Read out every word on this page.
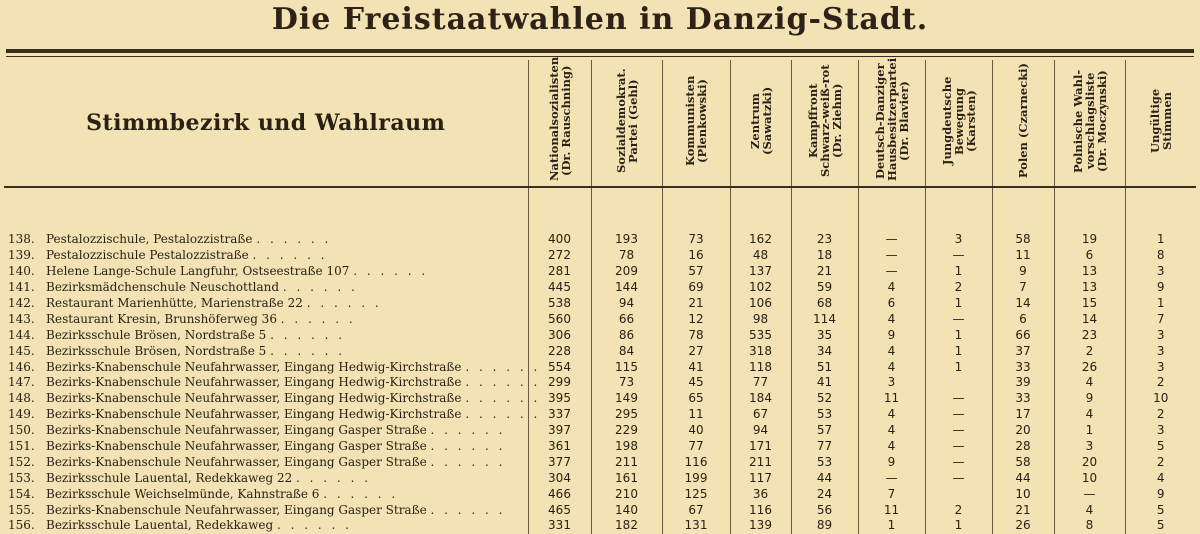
Die Freistaatwahlen in Danzig-Stadt.
Stimmbezirk und Wahlraum		Nationalsozialisten (Dr. Rauschning)	Sozialdemokrat. Partei (Gehl)	Kommunisten (Plenkowski)	Zentrum (Sawatzki)	Kampffront Schwarz-weiß-rot (Dr. Ziehm)	Deutsch-Danziger Hausbesitzerpartei (Dr. Blavier)	Jungdeutsche Bewegung (Karsten)	Polen (Czarnecki)	Polnische Wahl-vorschlagsliste (Dr. Moczynski)	Ungültige Stimmen

138.	Pestalozzischule, Pestalozzistraße . . . . . .	400	193	73	162	23	—	3	58	19	1
139.	Pestalozzischule Pestalozzistraße . . . . . .	272	78	16	48	18	—	—	11	6	8
140.	Helene Lange-Schule Langfuhr, Ostseestraße 107 . . . . . .	281	209	57	137	21	—	1	9	13	3
141.	Bezirksmädchenschule Neuschottland . . . . . .	445	144	69	102	59	4	2	7	13	9
142.	Restaurant Marienhütte, Marienstraße 22 . . . . . .	538	94	21	106	68	6	1	14	15	1
143.	Restaurant Kresin, Brunshöferweg 36 . . . . . .	560	66	12	98	114	4	—	6	14	7
144.	Bezirksschule Brösen, Nordstraße 5 . . . . . .	306	86	78	535	35	9	1	66	23	3
145.	Bezirksschule Brösen, Nordstraße 5 . . . . . .	228	84	27	318	34	4	1	37	2	3
146.	Bezirks-Knabenschule Neufahrwasser, Eingang Hedwig-Kirchstraße . . . . . .	554	115	41	118	51	4	1	33	26	3
147.	Bezirks-Knabenschule Neufahrwasser, Eingang Hedwig-Kirchstraße . . . . . .	299	73	45	77	41	3		39	4	2
148.	Bezirks-Knabenschule Neufahrwasser, Eingang Hedwig-Kirchstraße . . . . . .	395	149	65	184	52	11	—	33	9	10
149.	Bezirks-Knabenschule Neufahrwasser, Eingang Hedwig-Kirchstraße . . . . . .	337	295	11	67	53	4	—	17	4	2
150.	Bezirks-Knabenschule Neufahrwasser, Eingang Gasper Straße . . . . . .	397	229	40	94	57	4	—	20	1	3
151.	Bezirks-Knabenschule Neufahrwasser, Eingang Gasper Straße . . . . . .	361	198	77	171	77	4	—	28	3	5
152.	Bezirks-Knabenschule Neufahrwasser, Eingang Gasper Straße . . . . . .	377	211	116	211	53	9	—	58	20	2
153.	Bezirksschule Lauental, Redekkaweg 22 . . . . . .	304	161	199	117	44	—	—	44	10	4
154.	Bezirksschule Weichselmünde, Kahnstraße 6 . . . . . .	466	210	125	36	24	7		10	—	9
155.	Bezirks-Knabenschule Neufahrwasser, Eingang Gasper Straße . . . . . .	465	140	67	116	56	11	2	21	4	5
156.	Bezirksschule Lauental, Redekkaweg . . . . . .	331	182	131	139	89	1	1	26	8	5
